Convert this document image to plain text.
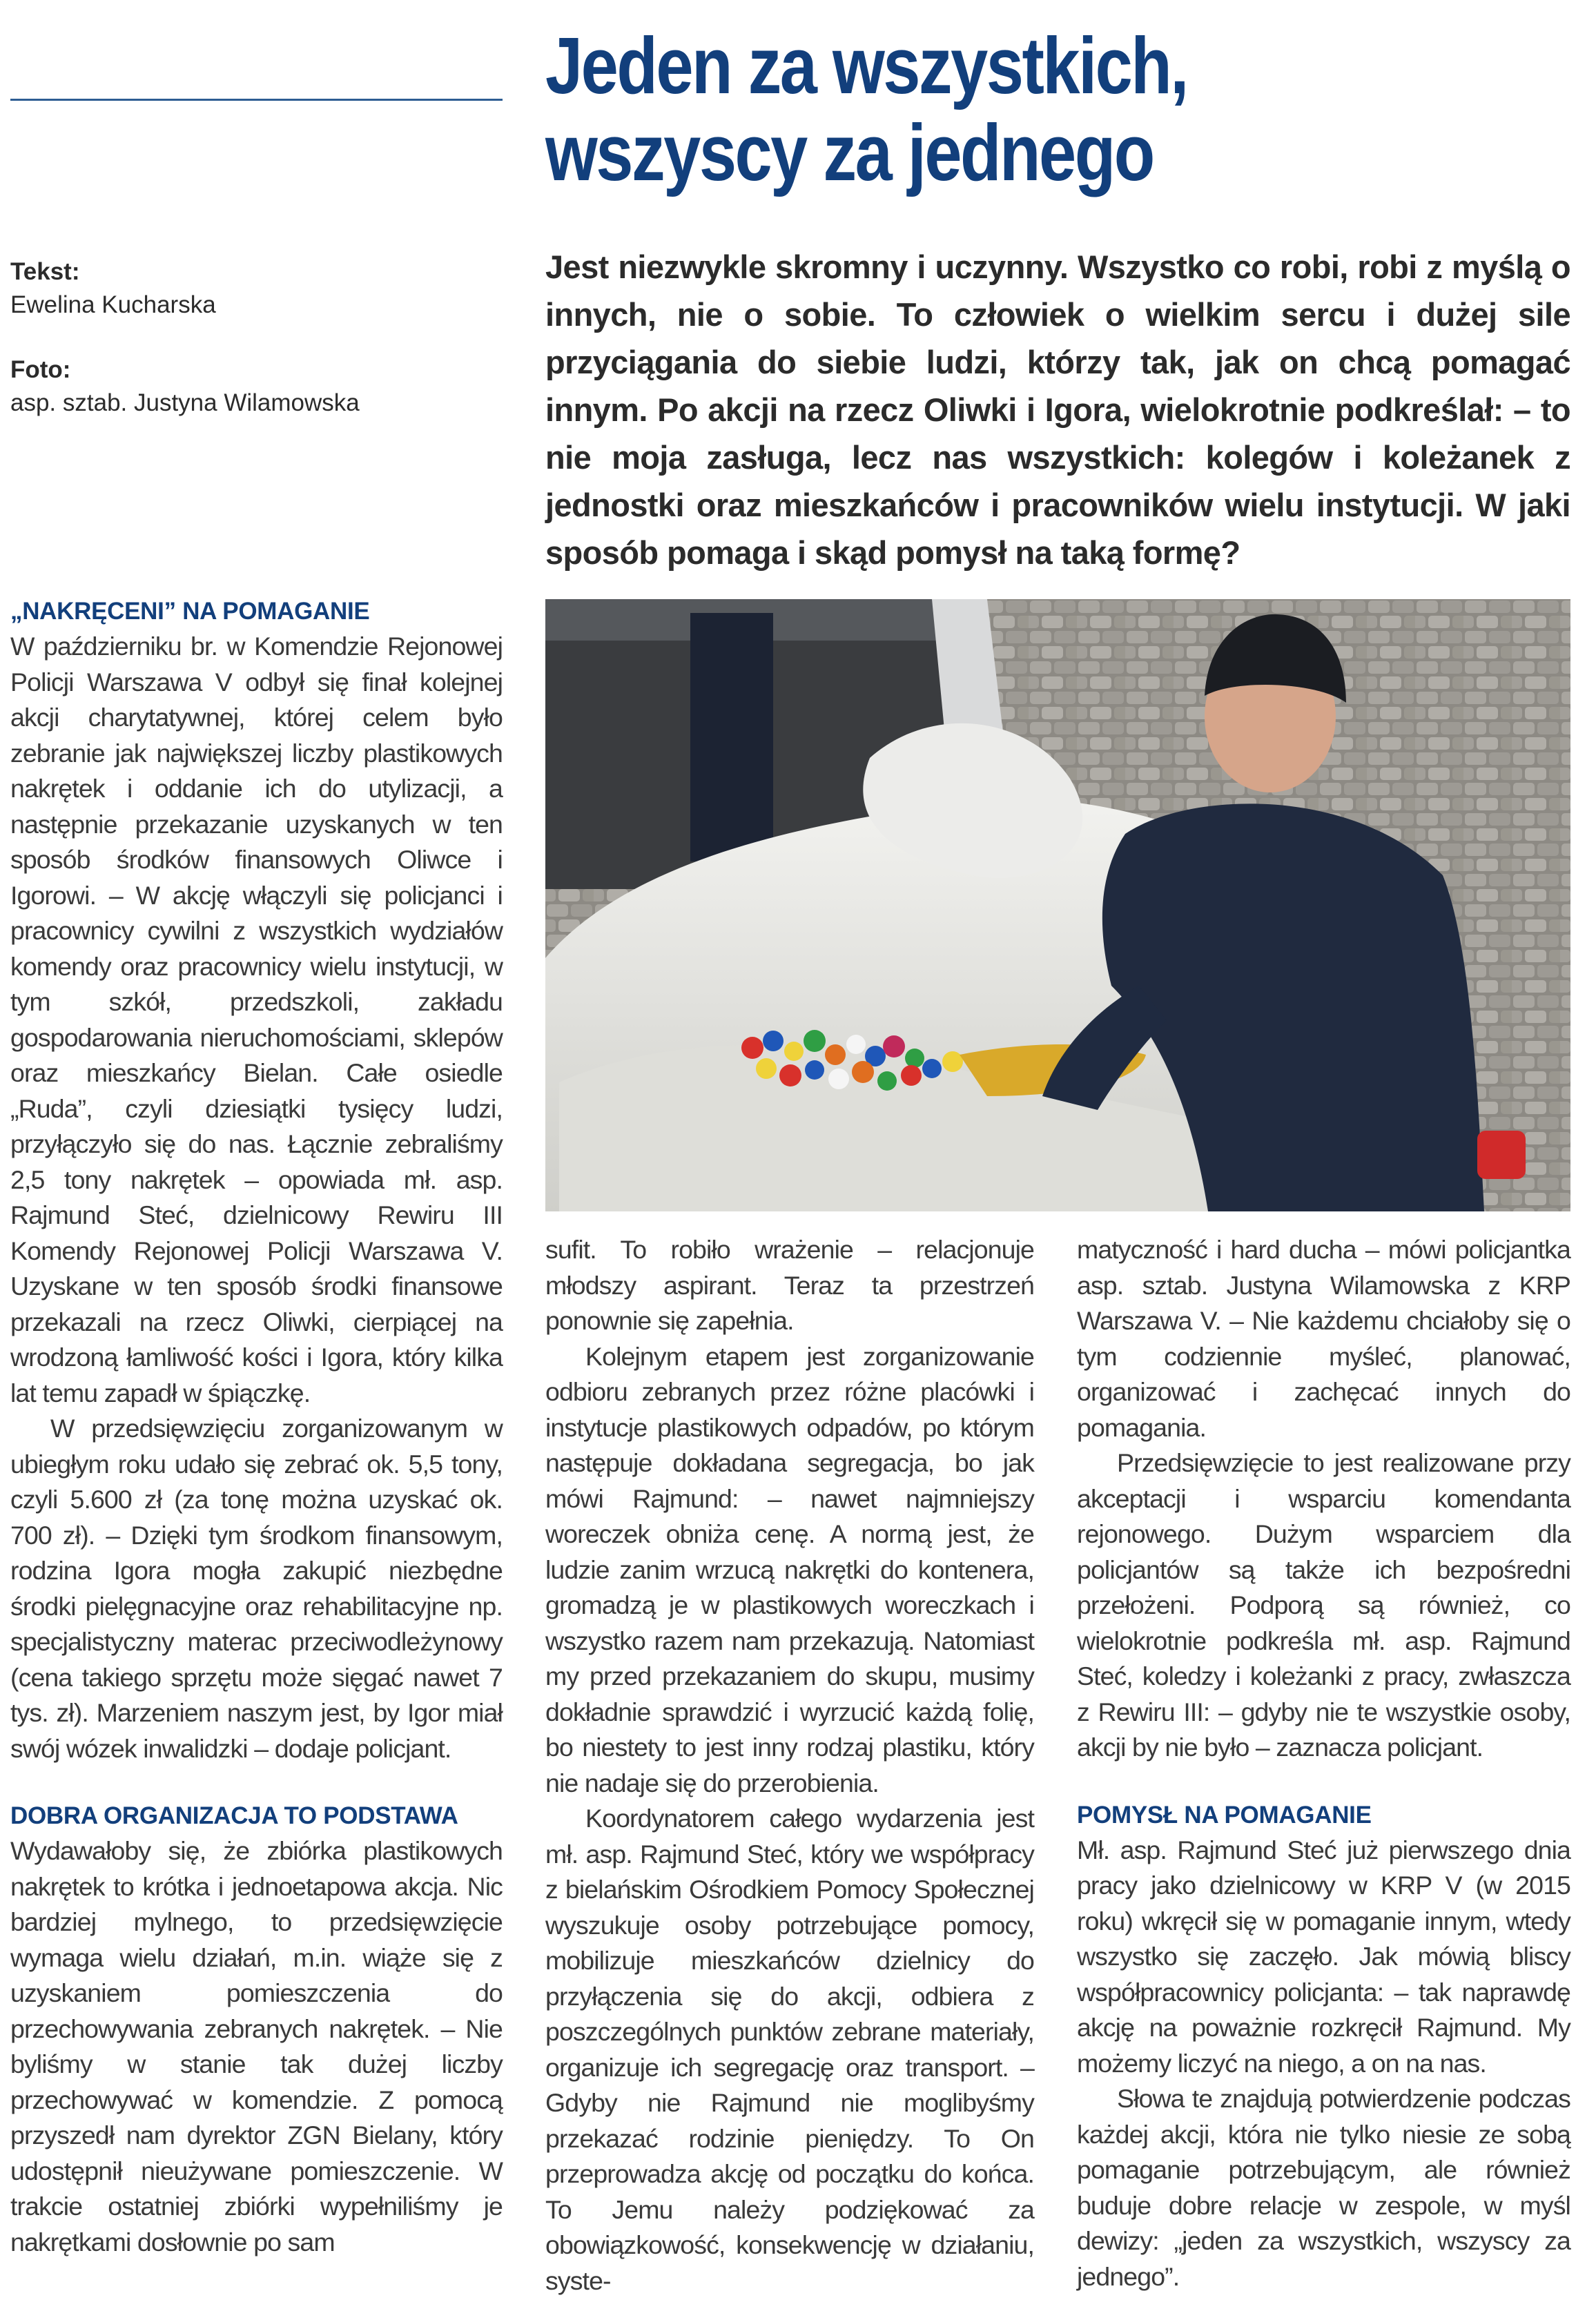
Jeden za wszystkich,
wszyscy za jednego
Tekst:
Ewelina Kucharska
Foto:
asp. sztab. Justyna Wilamowska
Jest niezwykle skromny i uczynny. Wszystko co robi, robi z myślą o innych, nie o sobie. To człowiek o wielkim sercu i dużej sile przyciągania do siebie ludzi, którzy tak, jak on chcą pomagać innym. Po akcji na rzecz Oliwki i Igora, wielokrotnie podkreślał: – to nie moja zasługa, lecz nas wszystkich: kolegów i koleżanek z jednostki oraz mieszkańców i pracowników wielu instytucji. W jaki sposób pomaga i skąd pomysł na taką formę?
„NAKRĘCENI” NA POMAGANIE

W październiku br. w Komendzie Rejonowej Policji Warszawa V odbył się finał kolejnej akcji charytatywnej, której celem było zebranie jak największej liczby plastikowych nakrętek i oddanie ich do utylizacji, a następnie przekazanie uzyskanych w ten sposób środków finansowych Oliwce i Igorowi. – W akcję włączyli się policjanci i pracownicy cywilni z wszystkich wydziałów komendy oraz pracownicy wielu instytucji, w tym szkół, przedszkoli, zakładu gospodarowania nieruchomościami, sklepów oraz mieszkańcy Bielan. Całe osiedle „Ruda”, czyli dziesiątki tysięcy ludzi, przyłączyło się do nas. Łącznie zebraliśmy 2,5 tony nakrętek – opowiada mł. asp. Rajmund Steć, dzielnicowy Rewiru III Komendy Rejonowej Policji Warszawa V. Uzyskane w ten sposób środki finansowe przekazali na rzecz Oliwki, cierpiącej na wrodzoną łamliwość kości i Igora, który kilka lat temu zapadł w śpiączkę.

W przedsięwzięciu zorganizowanym w ubiegłym roku udało się zebrać ok. 5,5 tony, czyli 5.600 zł (za tonę można uzyskać ok. 700 zł). – Dzięki tym środkom finansowym, rodzina Igora mogła zakupić niezbędne środki pielęgnacyjne oraz rehabilitacyjne np. specjalistyczny materac przeciwodleżynowy (cena takiego sprzętu może sięgać nawet 7 tys. zł). Marzeniem naszym jest, by Igor miał swój wózek inwalidzki – dodaje policjant.

DOBRA ORGANIZACJA TO PODSTAWA

Wydawałoby się, że zbiórka plastikowych nakrętek to krótka i jednoetapowa akcja. Nic bardziej mylnego, to przedsięwzięcie wymaga wielu działań, m.in. wiąże się z uzyskaniem pomieszczenia do przechowywania zebranych nakrętek. – Nie byliśmy w stanie tak dużej liczby przechowywać w komendzie. Z pomocą przyszedł nam dyrektor ZGN Bielany, który udostępnił nieużywane pomieszczenie. W trakcie ostatniej zbiórki wypełniliśmy je nakrętkami dosłownie po sam

sufit. To robiło wrażenie – relacjonuje młodszy aspirant. Teraz ta przestrzeń ponownie się zapełnia.

Kolejnym etapem jest zorganizowanie odbioru zebranych przez różne placówki i instytucje plastikowych odpadów, po którym następuje dokładana segregacja, bo jak mówi Rajmund: – nawet najmniejszy woreczek obniża cenę. A normą jest, że ludzie zanim wrzucą nakrętki do kontenera, gromadzą je w plastikowych woreczkach i wszystko razem nam przekazują. Natomiast my przed przekazaniem do skupu, musimy dokładnie sprawdzić i wyrzucić każdą folię, bo niestety to jest inny rodzaj plastiku, który nie nadaje się do przerobienia.

Koordynatorem całego wydarzenia jest mł. asp. Rajmund Steć, który we współpracy z bielańskim Ośrodkiem Pomocy Społecznej wyszukuje osoby potrzebujące pomocy, mobilizuje mieszkańców dzielnicy do przyłączenia się do akcji, odbiera z poszczególnych punktów zebrane materiały, organizuje ich segregację oraz transport. – Gdyby nie Rajmund nie moglibyśmy przekazać rodzinie pieniędzy. To On przeprowadza akcję od początku do końca. To Jemu należy podziękować za obowiązkowość, konsekwencję w działaniu, syste-

matyczność i hard ducha – mówi policjantka asp. sztab. Justyna Wilamowska z KRP Warszawa V. – Nie każdemu chciałoby się o tym codziennie myśleć, planować, organizować i zachęcać innych do pomagania.

Przedsięwzięcie to jest realizowane przy akceptacji i wsparciu komendanta rejonowego. Dużym wsparciem dla policjantów są także ich bezpośredni przełożeni. Podporą są również, co wielokrotnie podkreśla mł. asp. Rajmund Steć, koledzy i koleżanki z pracy, zwłaszcza z Rewiru III: – gdyby nie te wszystkie osoby, akcji by nie było – zaznacza policjant.

POMYSŁ NA POMAGANIE

Mł. asp. Rajmund Steć już pierwszego dnia pracy jako dzielnicowy w KRP V (w 2015 roku) wkręcił się w pomaganie innym, wtedy wszystko się zaczęło. Jak mówią bliscy współpracownicy policjanta: – tak naprawdę akcję na poważnie rozkręcił Rajmund. My możemy liczyć na niego, a on na nas.

Słowa te znajdują potwierdzenie podczas każdej akcji, która nie tylko niesie ze sobą pomaganie potrzebującym, ale również buduje dobre relacje w zespole, w myśl dewizy: „jeden za wszystkich, wszyscy za jednego”.
